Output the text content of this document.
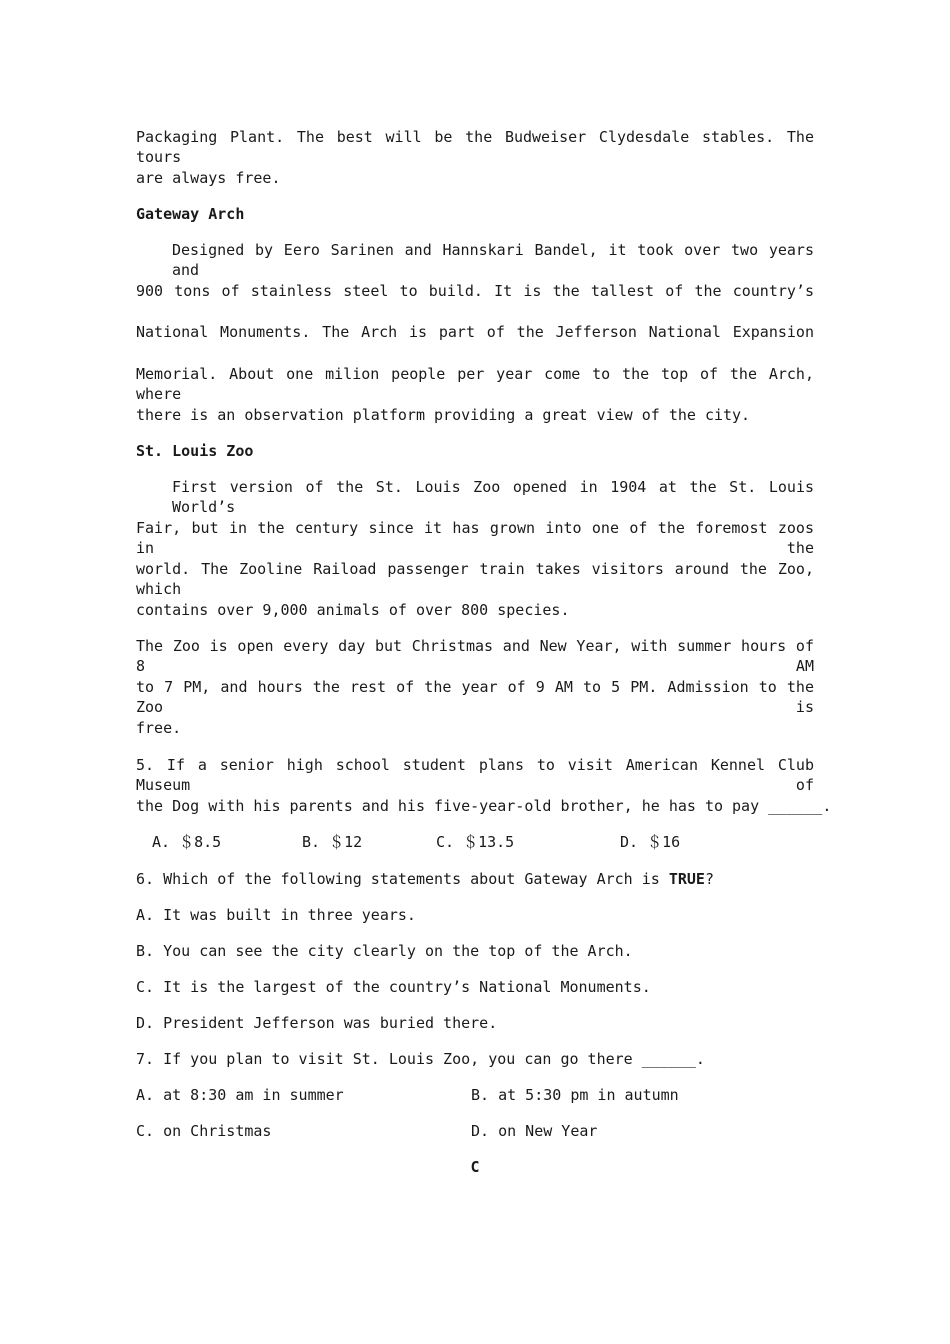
Packaging Plant. The best will be the Budweiser Clydesdale stables. The tours
are always free.
Gateway Arch
Designed by Eero Sarinen and Hannskari Bandel, it took over two years and
900 tons of stainless steel to build. It is the tallest of the country’s
National Monuments. The Arch is part of the Jefferson National Expansion
Memorial. About one milion people per year come to the top of the Arch, where
there is an observation platform providing a great view of the city.
St. Louis Zoo
First version of the St. Louis Zoo opened in 1904 at the St. Louis World’s
Fair, but in the century since it has grown into one of the foremost zoos in the
world. The Zooline Raiload passenger train takes visitors around the Zoo, which
contains over 9,000 animals of over 800 species.
The Zoo is open every day but Christmas and New Year, with summer hours of 8 AM
to 7 PM, and hours the rest of the year of 9 AM to 5 PM. Admission to the Zoo is
free.
5. If a senior high school student plans to visit American Kennel Club Museum of
the Dog with his parents and his five-year-old brother, he has to pay ______.
A. ＄8.5	B. ＄12	C. ＄13.5	D. ＄16
6. Which of the following statements about Gateway Arch is TRUE?
A. It was built in three years.
B. You can see the city clearly on the top of the Arch.
C. It is the largest of the country’s National Monuments.
D. President Jefferson was buried there.
7. If you plan to visit St. Louis Zoo, you can go there ______.
A. at 8:30 am in summer	B. at 5:30 pm in autumn
C. on Christmas	D. on New Year
C
